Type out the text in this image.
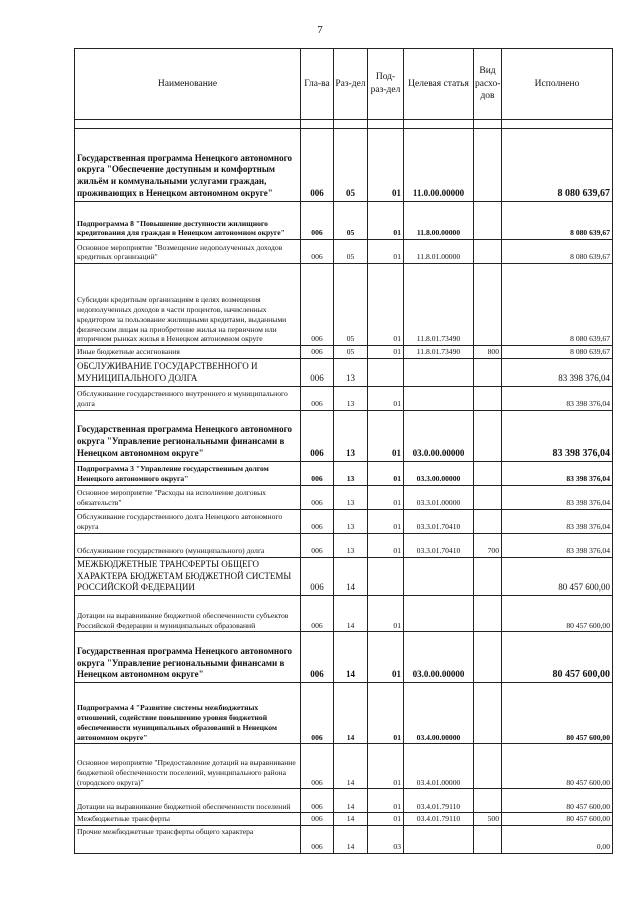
7
Наименование	Гла-ва	Раз-дел	Под-раз-дел	Целевая статья	Вид расхо-дов	Исполнено

Государственная программа Ненецкого автономного округа "Обеспечение доступным и комфортным жильём и коммунальными услугами граждан, проживающих в Ненецком автономном округе"	006	05	01	11.0.00.00000		8 080 639,67
Подпрограмма 8 "Повышение доступности жилищного кредитования для граждан в Ненецком автономном округе"	006	05	01	11.8.00.00000		8 080 639,67
Основное мероприятие "Возмещение недополученных доходов кредитных организаций"	006	05	01	11.8.01.00000		8 080 639,67
Субсидии кредитным организациям в целях возмещения недополученных доходов в части процентов, начисленных кредитором за пользование жилищными кредитами, выданными физическим лицам на приобретение жилья на первичном или вторичном рынках жилья в Ненецком автономном округе	006	05	01	11.8.01.73490		8 080 639,67
Иные бюджетные ассигнования	006	05	01	11.8.01.73490	800	8 080 639,67
ОБСЛУЖИВАНИЕ ГОСУДАРСТВЕННОГО И МУНИЦИПАЛЬНОГО ДОЛГА	006	13				83 398 376,04
Обслуживание государственного внутреннего и муниципального долга	006	13	01			83 398 376,04
Государственная программа Ненецкого автономного округа "Управление региональными финансами в Ненецком автономном округе"	006	13	01	03.0.00.00000		83 398 376,04
Подпрограмма 3 "Управление государственным долгом Ненецкого автономного округа"	006	13	01	03.3.00.00000		83 398 376,04
Основное мероприятие "Расходы на исполнение долговых обязательств"	006	13	01	03.3.01.00000		83 398 376,04
Обслуживание государственного долга Ненецкого автономного округа	006	13	01	03.3.01.70410		83 398 376,04
Обслуживание государственного (муниципального) долга	006	13	01	03.3.01.70410	700	83 398 376,04
МЕЖБЮДЖЕТНЫЕ ТРАНСФЕРТЫ ОБЩЕГО ХАРАКТЕРА БЮДЖЕТАМ БЮДЖЕТНОЙ СИСТЕМЫ РОССИЙСКОЙ ФЕДЕРАЦИИ	006	14				80 457 600,00
Дотации на выравнивание бюджетной обеспеченности субъектов Российской Федерации и муниципальных образований	006	14	01			80 457 600,00
Государственная программа Ненецкого автономного округа "Управление региональными финансами в Ненецком автономном округе"	006	14	01	03.0.00.00000		80 457 600,00
Подпрограмма 4 "Развитие системы межбюджетных отношений, содействие повышению уровня бюджетной обеспеченности муниципальных образований в Ненецком автономном округе"	006	14	01	03.4.00.00000		80 457 600,00
Основное мероприятие "Предоставление дотаций на выравнивание бюджетной обеспеченности поселений, муниципального района (городского округа)"	006	14	01	03.4.01.00000		80 457 600,00
Дотации на выравнивание бюджетной обеспеченности поселений	006	14	01	03.4.01.79110		80 457 600,00
Межбюджетные трансферты	006	14	01	03.4.01.79110	500	80 457 600,00
Прочие межбюджетные трансферты общего характера	006	14	03			0,00
